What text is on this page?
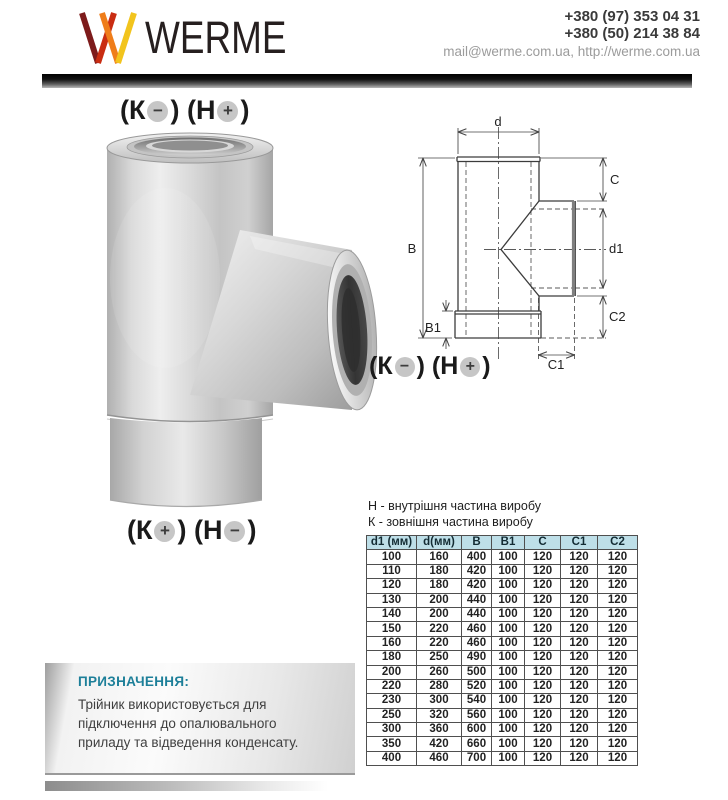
WERME	+380 (97) 353 04 31
+380 (50) 214 38 84
mail@werme.com.ua, http://werme.com.ua
(К − ) (Н + )
(К + ) (Н − )
d
B
B1
C
d1
C2
C1
(К − ) (Н + )
Н - внутрішня частина виробу
К - зовнішня частина виробу
d1 (мм)	d(мм)	B	B1	C	C1	C2
100	160	400	100	120	120	120
110	180	420	100	120	120	120
120	180	420	100	120	120	120
130	200	440	100	120	120	120
140	200	440	100	120	120	120
150	220	460	100	120	120	120
160	220	460	100	120	120	120
180	250	490	100	120	120	120
200	260	500	100	120	120	120
220	280	520	100	120	120	120
230	300	540	100	120	120	120
250	320	560	100	120	120	120
300	360	600	100	120	120	120
350	420	660	100	120	120	120
400	460	700	100	120	120	120
ПРИЗНАЧЕННЯ:
Трійник використовується для
підключення до опалювального
приладу та відведення конденсату.
